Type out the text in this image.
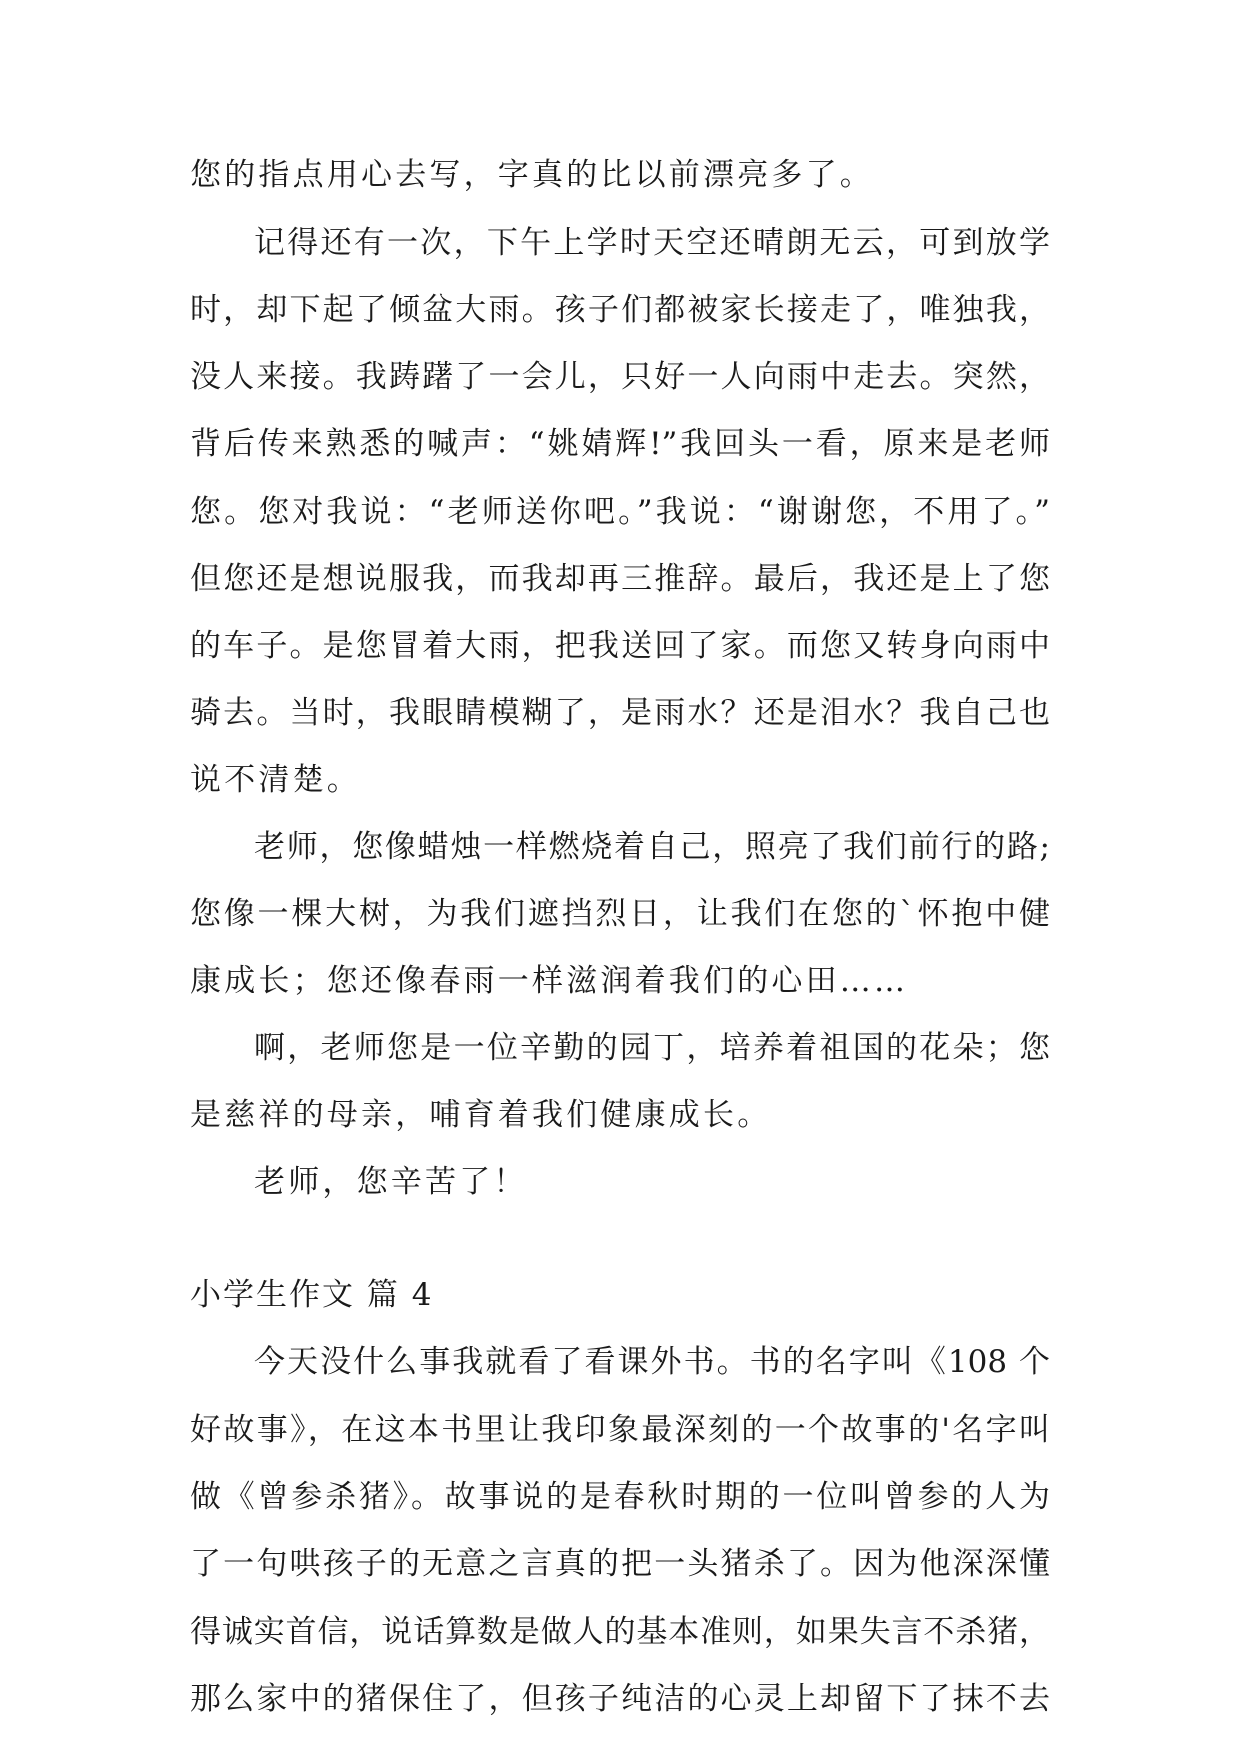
您的指点用心去写，字真的比以前漂亮多了。
记得还有一次，下午上学时天空还晴朗无云，可到放学
时，却下起了倾盆大雨。孩子们都被家长接走了，唯独我，
没人来接。我踌躇了一会儿，只好一人向雨中走去。突然，
背后传来熟悉的喊声：“姚婧辉!”我回头一看，原来是老师
您。您对我说：“老师送你吧。”我说：“谢谢您，不用了。”
但您还是想说服我，而我却再三推辞。最后，我还是上了您
的车子。是您冒着大雨，把我送回了家。而您又转身向雨中
骑去。当时，我眼睛模糊了，是雨水？还是泪水？我自己也
说不清楚。
老师，您像蜡烛一样燃烧着自己，照亮了我们前行的路;
您像一棵大树，为我们遮挡烈日，让我们在您的`怀抱中健
康成长；您还像春雨一样滋润着我们的心田……
啊，老师您是一位辛勤的园丁，培养着祖国的花朵；您
是慈祥的母亲，哺育着我们健康成长。
老师，您辛苦了！
小学生作文 篇 4
今天没什么事我就看了看课外书。书的名字叫《108 个
好故事》，在这本书里让我印象最深刻的一个故事的'名字叫
做《曾参杀猪》。故事说的是春秋时期的一位叫曾参的人为
了一句哄孩子的无意之言真的把一头猪杀了。因为他深深懂
得诚实首信，说话算数是做人的基本准则，如果失言不杀猪，
那么家中的猪保住了，但孩子纯洁的心灵上却留下了抹不去
